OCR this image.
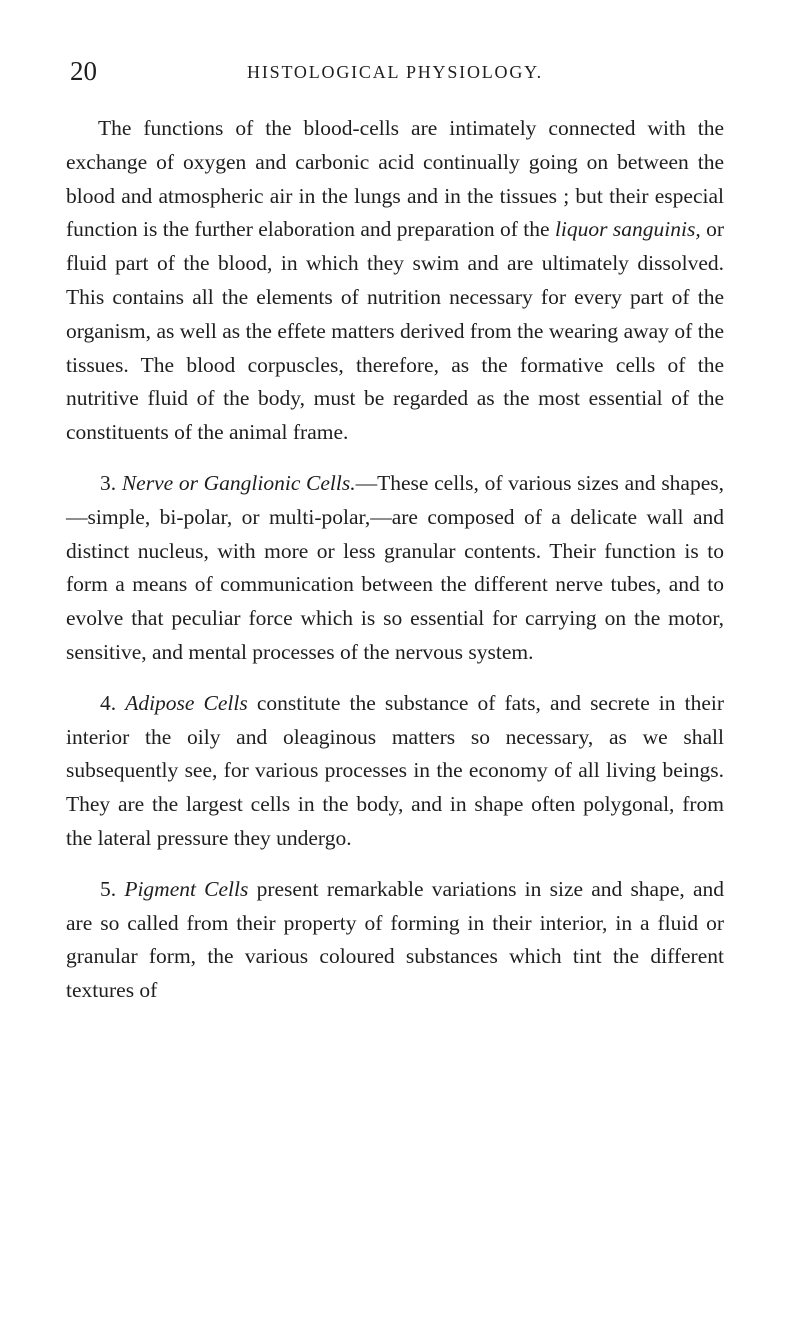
20	HISTOLOGICAL PHYSIOLOGY.

The functions of the blood-cells are intimately connected with the exchange of oxygen and carbonic acid continually going on between the blood and atmospheric air in the lungs and in the tissues ; but their especial function is the further elaboration and preparation of the liquor sanguinis, or fluid part of the blood, in which they swim and are ultimately dissolved. This contains all the elements of nutrition necessary for every part of the organism, as well as the effete matters derived from the wearing away of the tissues. The blood corpuscles, therefore, as the formative cells of the nutritive fluid of the body, must be regarded as the most essential of the constituents of the animal frame.

3. Nerve or Ganglionic Cells.—These cells, of various sizes and shapes,—simple, bi-polar, or multi-polar,—are composed of a delicate wall and distinct nucleus, with more or less granular contents. Their function is to form a means of communication between the different nerve tubes, and to evolve that peculiar force which is so essential for carrying on the motor, sensitive, and mental processes of the nervous system.

4. Adipose Cells constitute the substance of fats, and secrete in their interior the oily and oleaginous matters so necessary, as we shall subsequently see, for various processes in the economy of all living beings. They are the largest cells in the body, and in shape often polygonal, from the lateral pressure they undergo.

5. Pigment Cells present remarkable variations in size and shape, and are so called from their property of forming in their interior, in a fluid or granular form, the various coloured substances which tint the different textures of
